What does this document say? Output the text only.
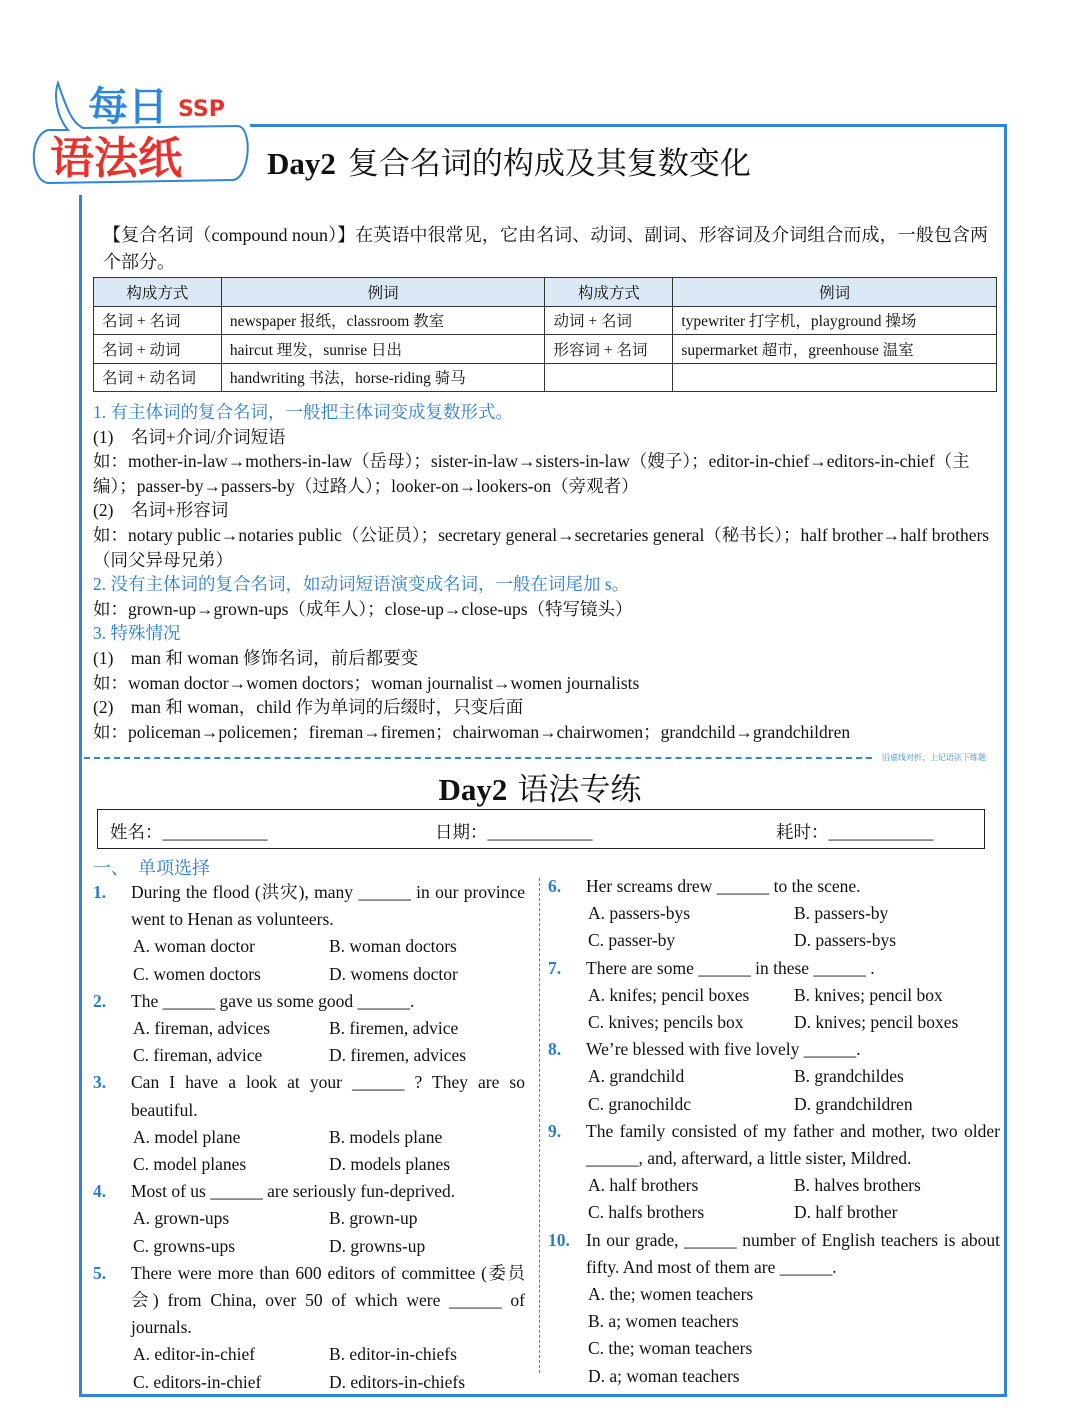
每日 SSP
语法纸	Day2 复合名词的构成及其复数变化
【复合名词（compound noun）】在英语中很常见，它由名词、动词、副词、形容词及介词组合而成，一般包含两个部分。
构成方式	例词	构成方式	例词
名词 + 名词	newspaper 报纸，classroom 教室	动词 + 名词	typewriter 打字机，playground 操场
名词 + 动词	haircut 理发，sunrise 日出	形容词 + 名词	supermarket 超市，greenhouse 温室
名词 + 动名词	handwriting 书法，horse-riding 骑马		
1. 有主体词的复合名词，一般把主体词变成复数形式。
(1)　名词+介词/介词短语
如：mother-in-law→mothers-in-law（岳母）；sister-in-law→sisters-in-law（嫂子）；editor-in-chief→editors-in-chief（主编）；passer-by→passers-by（过路人）；looker-on→lookers-on（旁观者）
(2)　名词+形容词
如：notary public→notaries public（公证员）；secretary general→secretaries general（秘书长）；half brother→half brothers（同父异母兄弟）
2. 没有主体词的复合名词，如动词短语演变成名词，一般在词尾加 s。
如：grown-up→grown-ups（成年人）；close-up→close-ups（特写镜头）
3. 特殊情况
(1)　man 和 woman 修饰名词，前后都要变
如：woman doctor→women doctors；woman journalist→women journalists
(2)　man 和 woman，child 作为单词的后缀时，只变后面
如：policeman→policemen；fireman→firemen；chairwoman→chairwomen；grandchild→grandchildren
沿虚线对折，上记语法下练题
Day2 语法专练
姓名：____________	日期：____________	耗时：____________
一、　单项选择
1.	During the flood (洪灾), many ______ in our province went to Henan as volunteers.
A. woman doctor	B. woman doctors
C. women doctors	D. womens doctor
2.	The ______ gave us some good ______.
A. fireman, advices	B. firemen, advice
C. fireman, advice	D. firemen, advices
3.	Can I have a look at your ______ ? They are so beautiful.
A. model plane	B. models plane
C. model planes	D. models planes
4.	Most of us ______ are seriously fun-deprived.
A. grown-ups	B. grown-up
C. growns-ups	D. growns-up
5.	There were more than 600 editors of committee (委员会) from China, over 50 of which were ______ of journals.
A. editor-in-chief	B. editor-in-chiefs
C. editors-in-chief	D. editors-in-chiefs
6.	Her screams drew ______ to the scene.
A. passers-bys	B. passers-by
C. passer-by	D. passers-bys
7.	There are some ______ in these ______ .
A. knifes; pencil boxes	B. knives; pencil box
C. knives; pencils box	D. knives; pencil boxes
8.	We’re blessed with five lovely ______.
A. grandchild	B. grandchildes
C. granochildc	D. grandchildren
9.	The family consisted of my father and mother, two older ______, and, afterward, a little sister, Mildred.
A. half brothers	B. halves brothers
C. halfs brothers	D. half brother
10. In our grade, ______ number of English teachers is about fifty. And most of them are ______.
A. the; women teachers
B. a; women teachers
C. the; woman teachers
D. a; woman teachers
